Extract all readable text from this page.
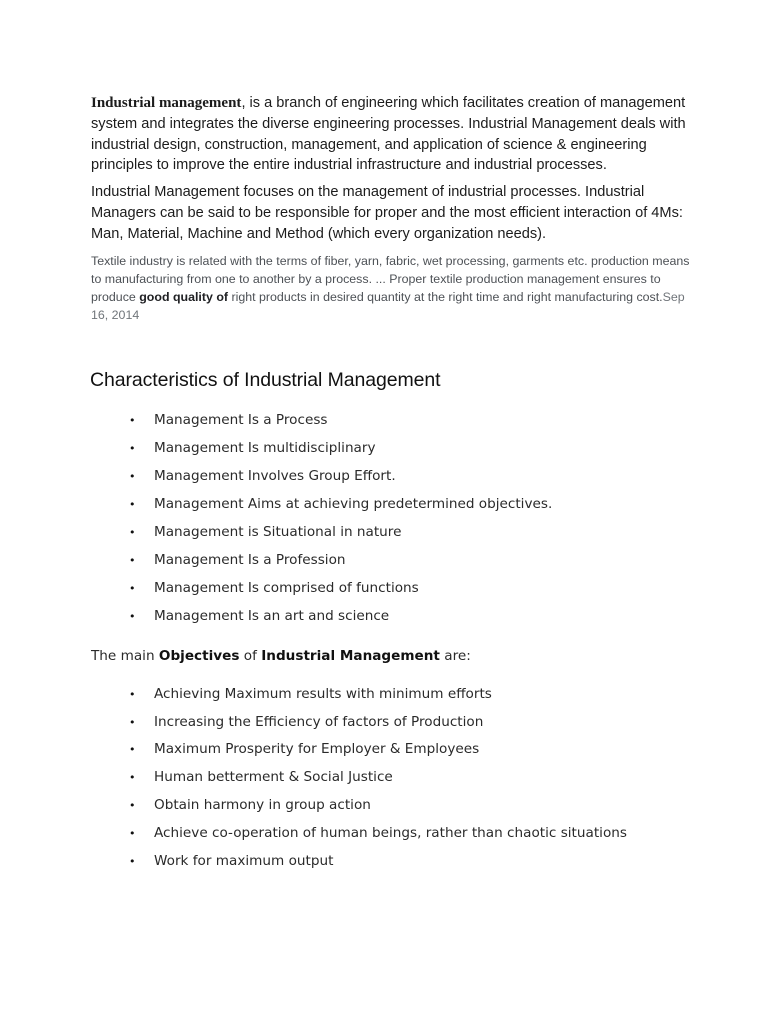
Industrial management, is a branch of engineering which facilitates creation of management system and integrates the diverse engineering processes. Industrial Management deals with industrial design, construction, management, and application of science & engineering principles to improve the entire industrial infrastructure and industrial processes.

Industrial Management focuses on the management of industrial processes. Industrial Managers can be said to be responsible for proper and the most efficient interaction of 4Ms: Man, Material, Machine and Method (which every organization needs).

Textile industry is related with the terms of fiber, yarn, fabric, wet processing, garments etc. production means to manufacturing from one to another by a process. ... Proper textile production management ensures to produce good quality of right products in desired quantity at the right time and right manufacturing cost.Sep 16, 2014

Characteristics of Industrial Management
• Management Is a Process
• Management Is multidisciplinary
• Management Involves Group Effort.
• Management Aims at achieving predetermined objectives.
• Management is Situational in nature
• Management Is a Profession
• Management Is comprised of functions
• Management Is an art and science

The main Objectives of Industrial Management are:

• Achieving Maximum results with minimum efforts
• Increasing the Efficiency of factors of Production
• Maximum Prosperity for Employer & Employees
• Human betterment & Social Justice
• Obtain harmony in group action
• Achieve co-operation of human beings, rather than chaotic situations
• Work for maximum output
